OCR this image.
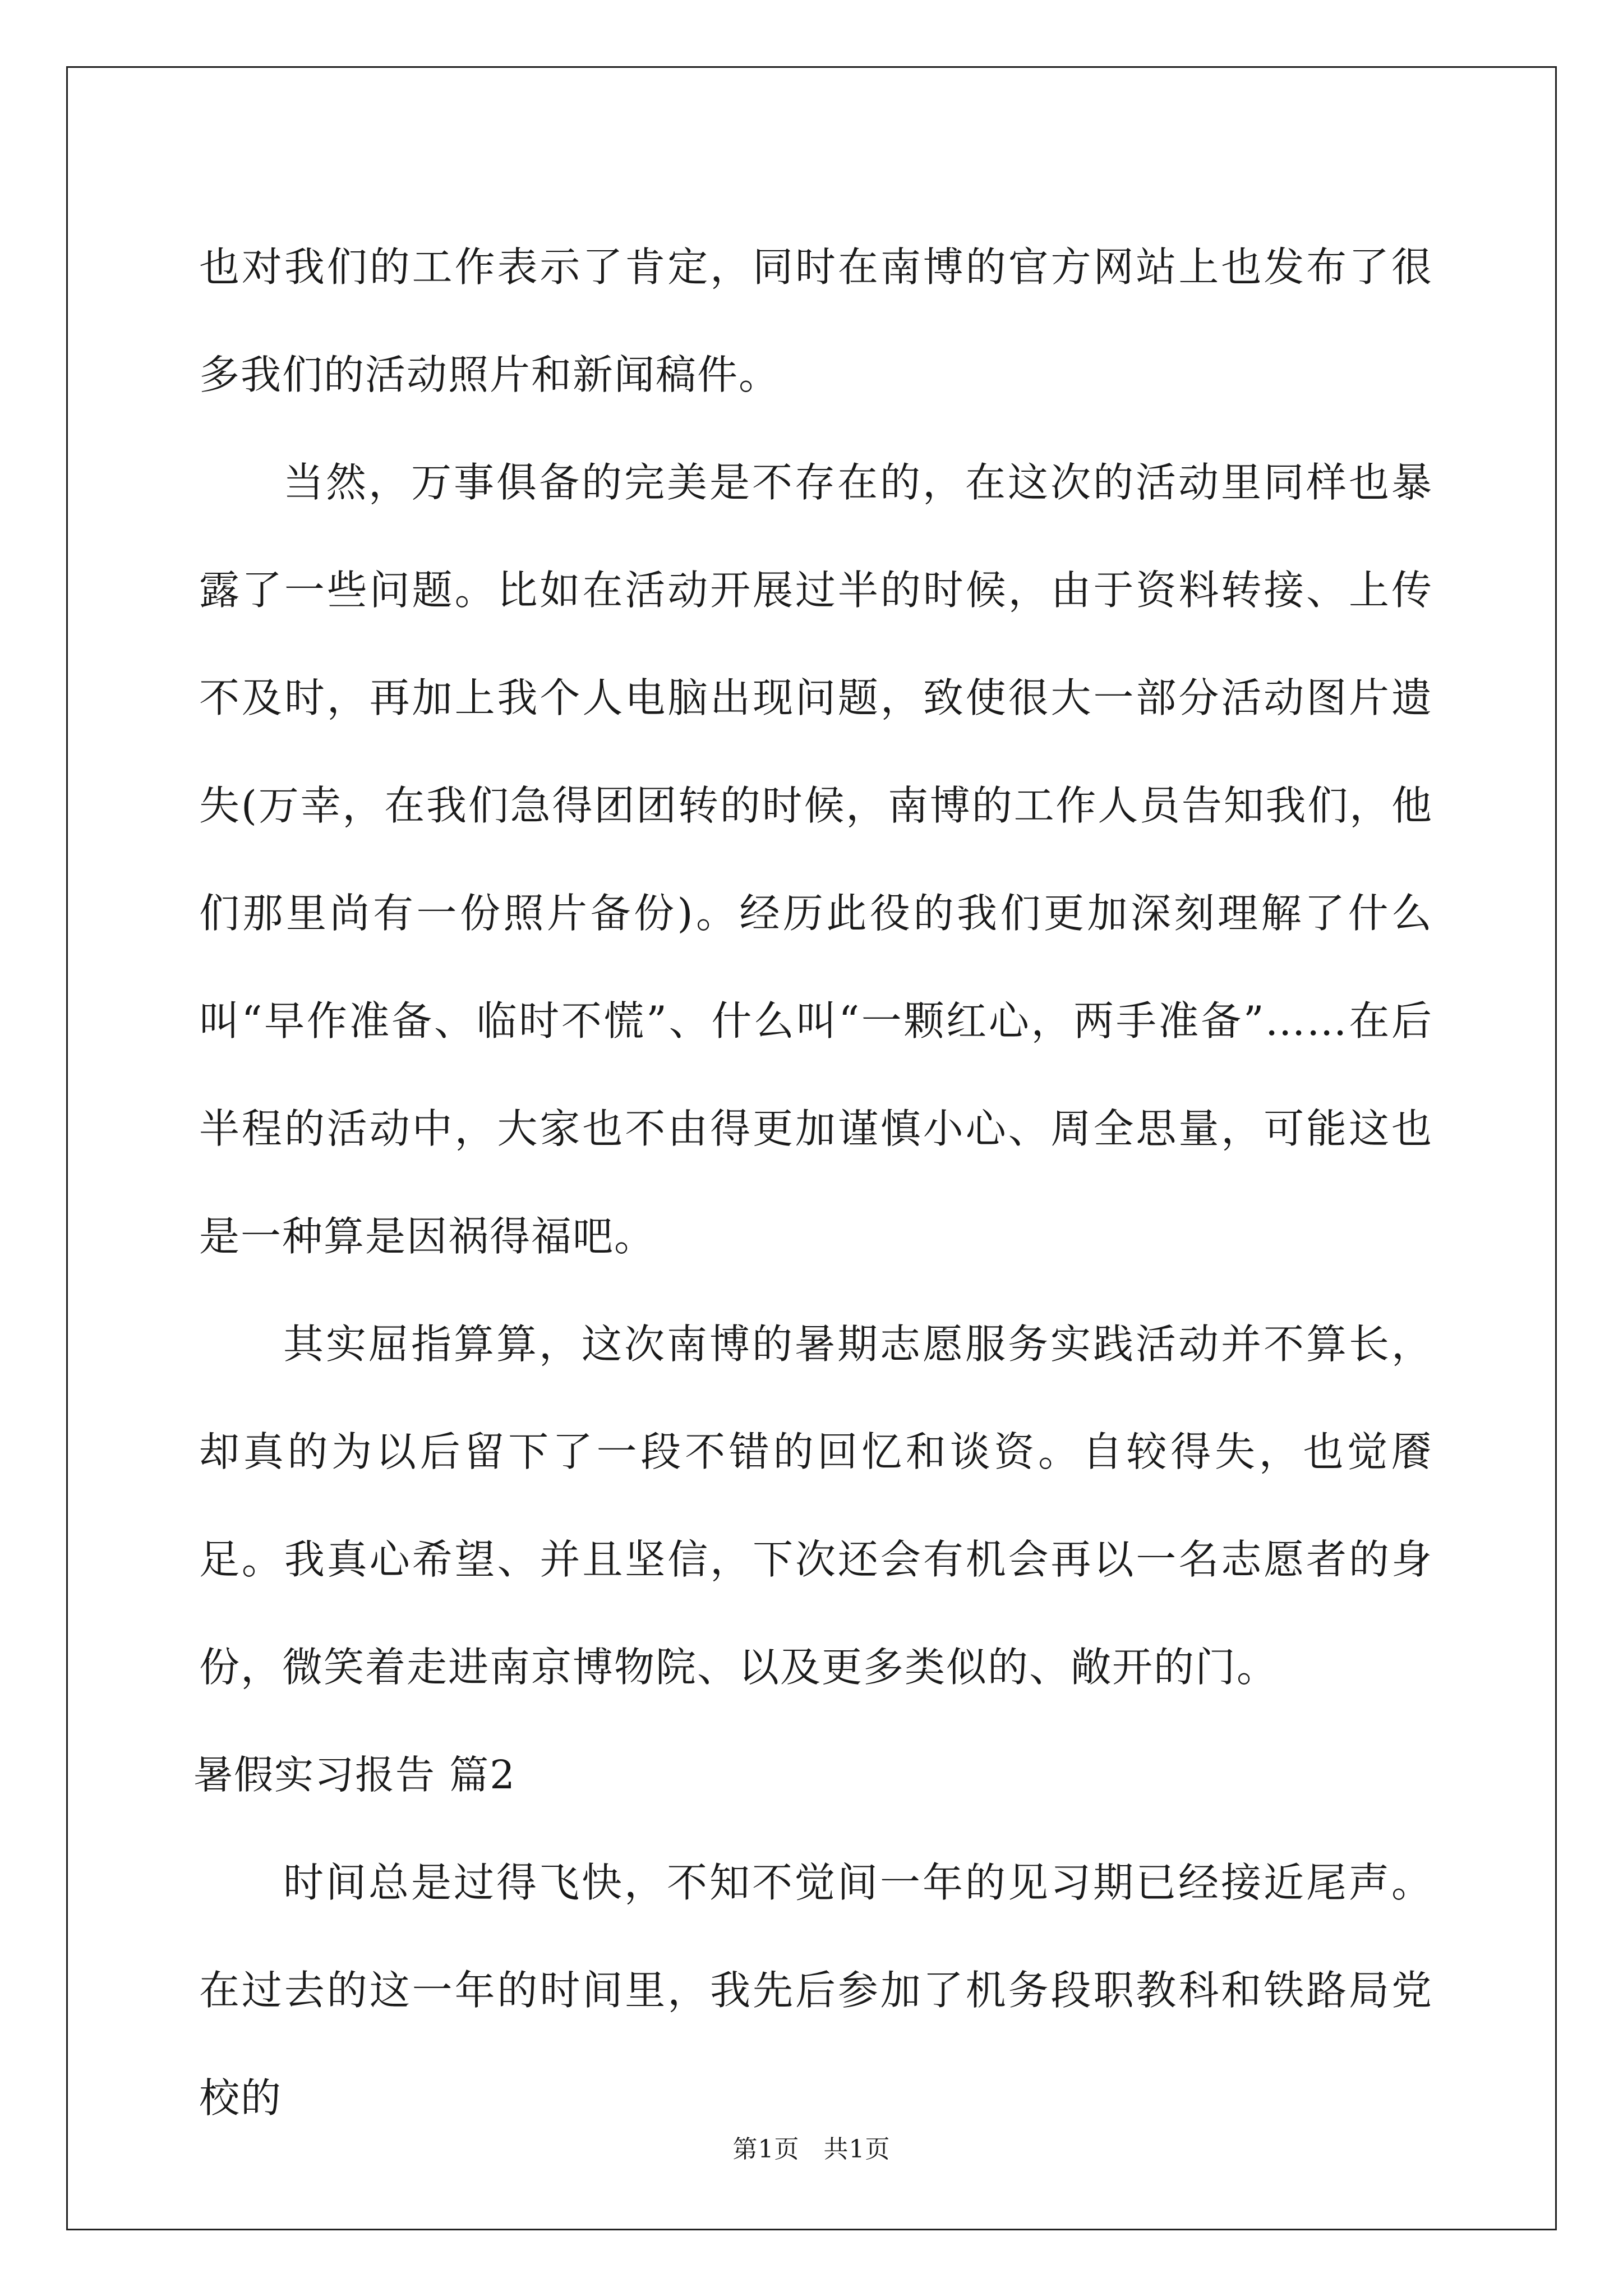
也对我们的工作表示了肯定，同时在南博的官方网站上也发布了很多我们的活动照片和新闻稿件。

当然，万事俱备的完美是不存在的，在这次的活动里同样也暴露了一些问题。比如在活动开展过半的时候，由于资料转接、上传不及时，再加上我个人电脑出现问题，致使很大一部分活动图片遗失(万幸，在我们急得团团转的时候，南博的工作人员告知我们，他们那里尚有一份照片备份)。经历此役的我们更加深刻理解了什么叫“早作准备、临时不慌”、什么叫“一颗红心，两手准备”……在后半程的活动中，大家也不由得更加谨慎小心、周全思量，可能这也是一种算是因祸得福吧。

其实屈指算算，这次南博的暑期志愿服务实践活动并不算长，却真的为以后留下了一段不错的回忆和谈资。自较得失，也觉餍足。我真心希望、并且坚信，下次还会有机会再以一名志愿者的身份，微笑着走进南京博物院、以及更多类似的、敞开的门。

暑假实习报告 篇2

时间总是过得飞快，不知不觉间一年的见习期已经接近尾声。在过去的这一年的时间里，我先后参加了机务段职教科和铁路局党校的

第1页 共1页
